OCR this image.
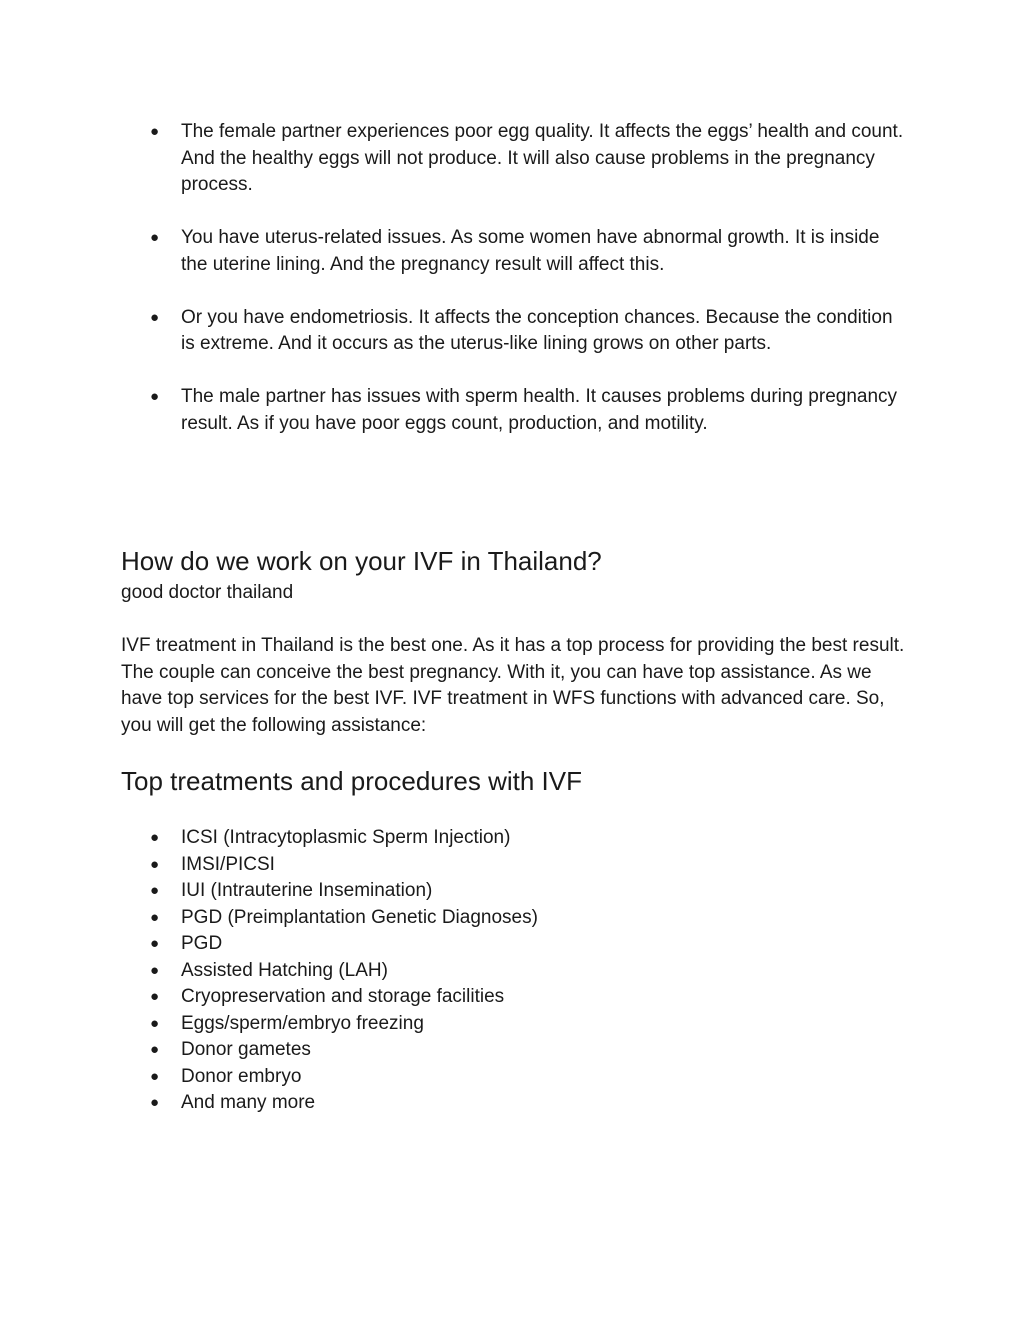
● The female partner experiences poor egg quality. It affects the eggs’ health and count. And the healthy eggs will not produce. It will also cause problems in the pregnancy process.
● You have uterus-related issues. As some women have abnormal growth. It is inside the uterine lining. And the pregnancy result will affect this.
● Or you have endometriosis. It affects the conception chances. Because the condition is extreme. And it occurs as the uterus-like lining grows on other parts.
● The male partner has issues with sperm health. It causes problems during pregnancy result. As if you have poor eggs count, production, and motility.
How do we work on your IVF in Thailand?

good doctor thailand

IVF treatment in Thailand is the best one. As it has a top process for providing the best result. The couple can conceive the best pregnancy. With it, you can have top assistance. As we have top services for the best IVF. IVF treatment in WFS functions with advanced care. So, you will get the following assistance:

Top treatments and procedures with IVF
● ICSI (Intracytoplasmic Sperm Injection)
● IMSI/PICSI
● IUI (Intrauterine Insemination)
● PGD (Preimplantation Genetic Diagnoses)
● PGD
● Assisted Hatching (LAH)
● Cryopreservation and storage facilities
● Eggs/sperm/embryo freezing
● Donor gametes
● Donor embryo
● And many more
